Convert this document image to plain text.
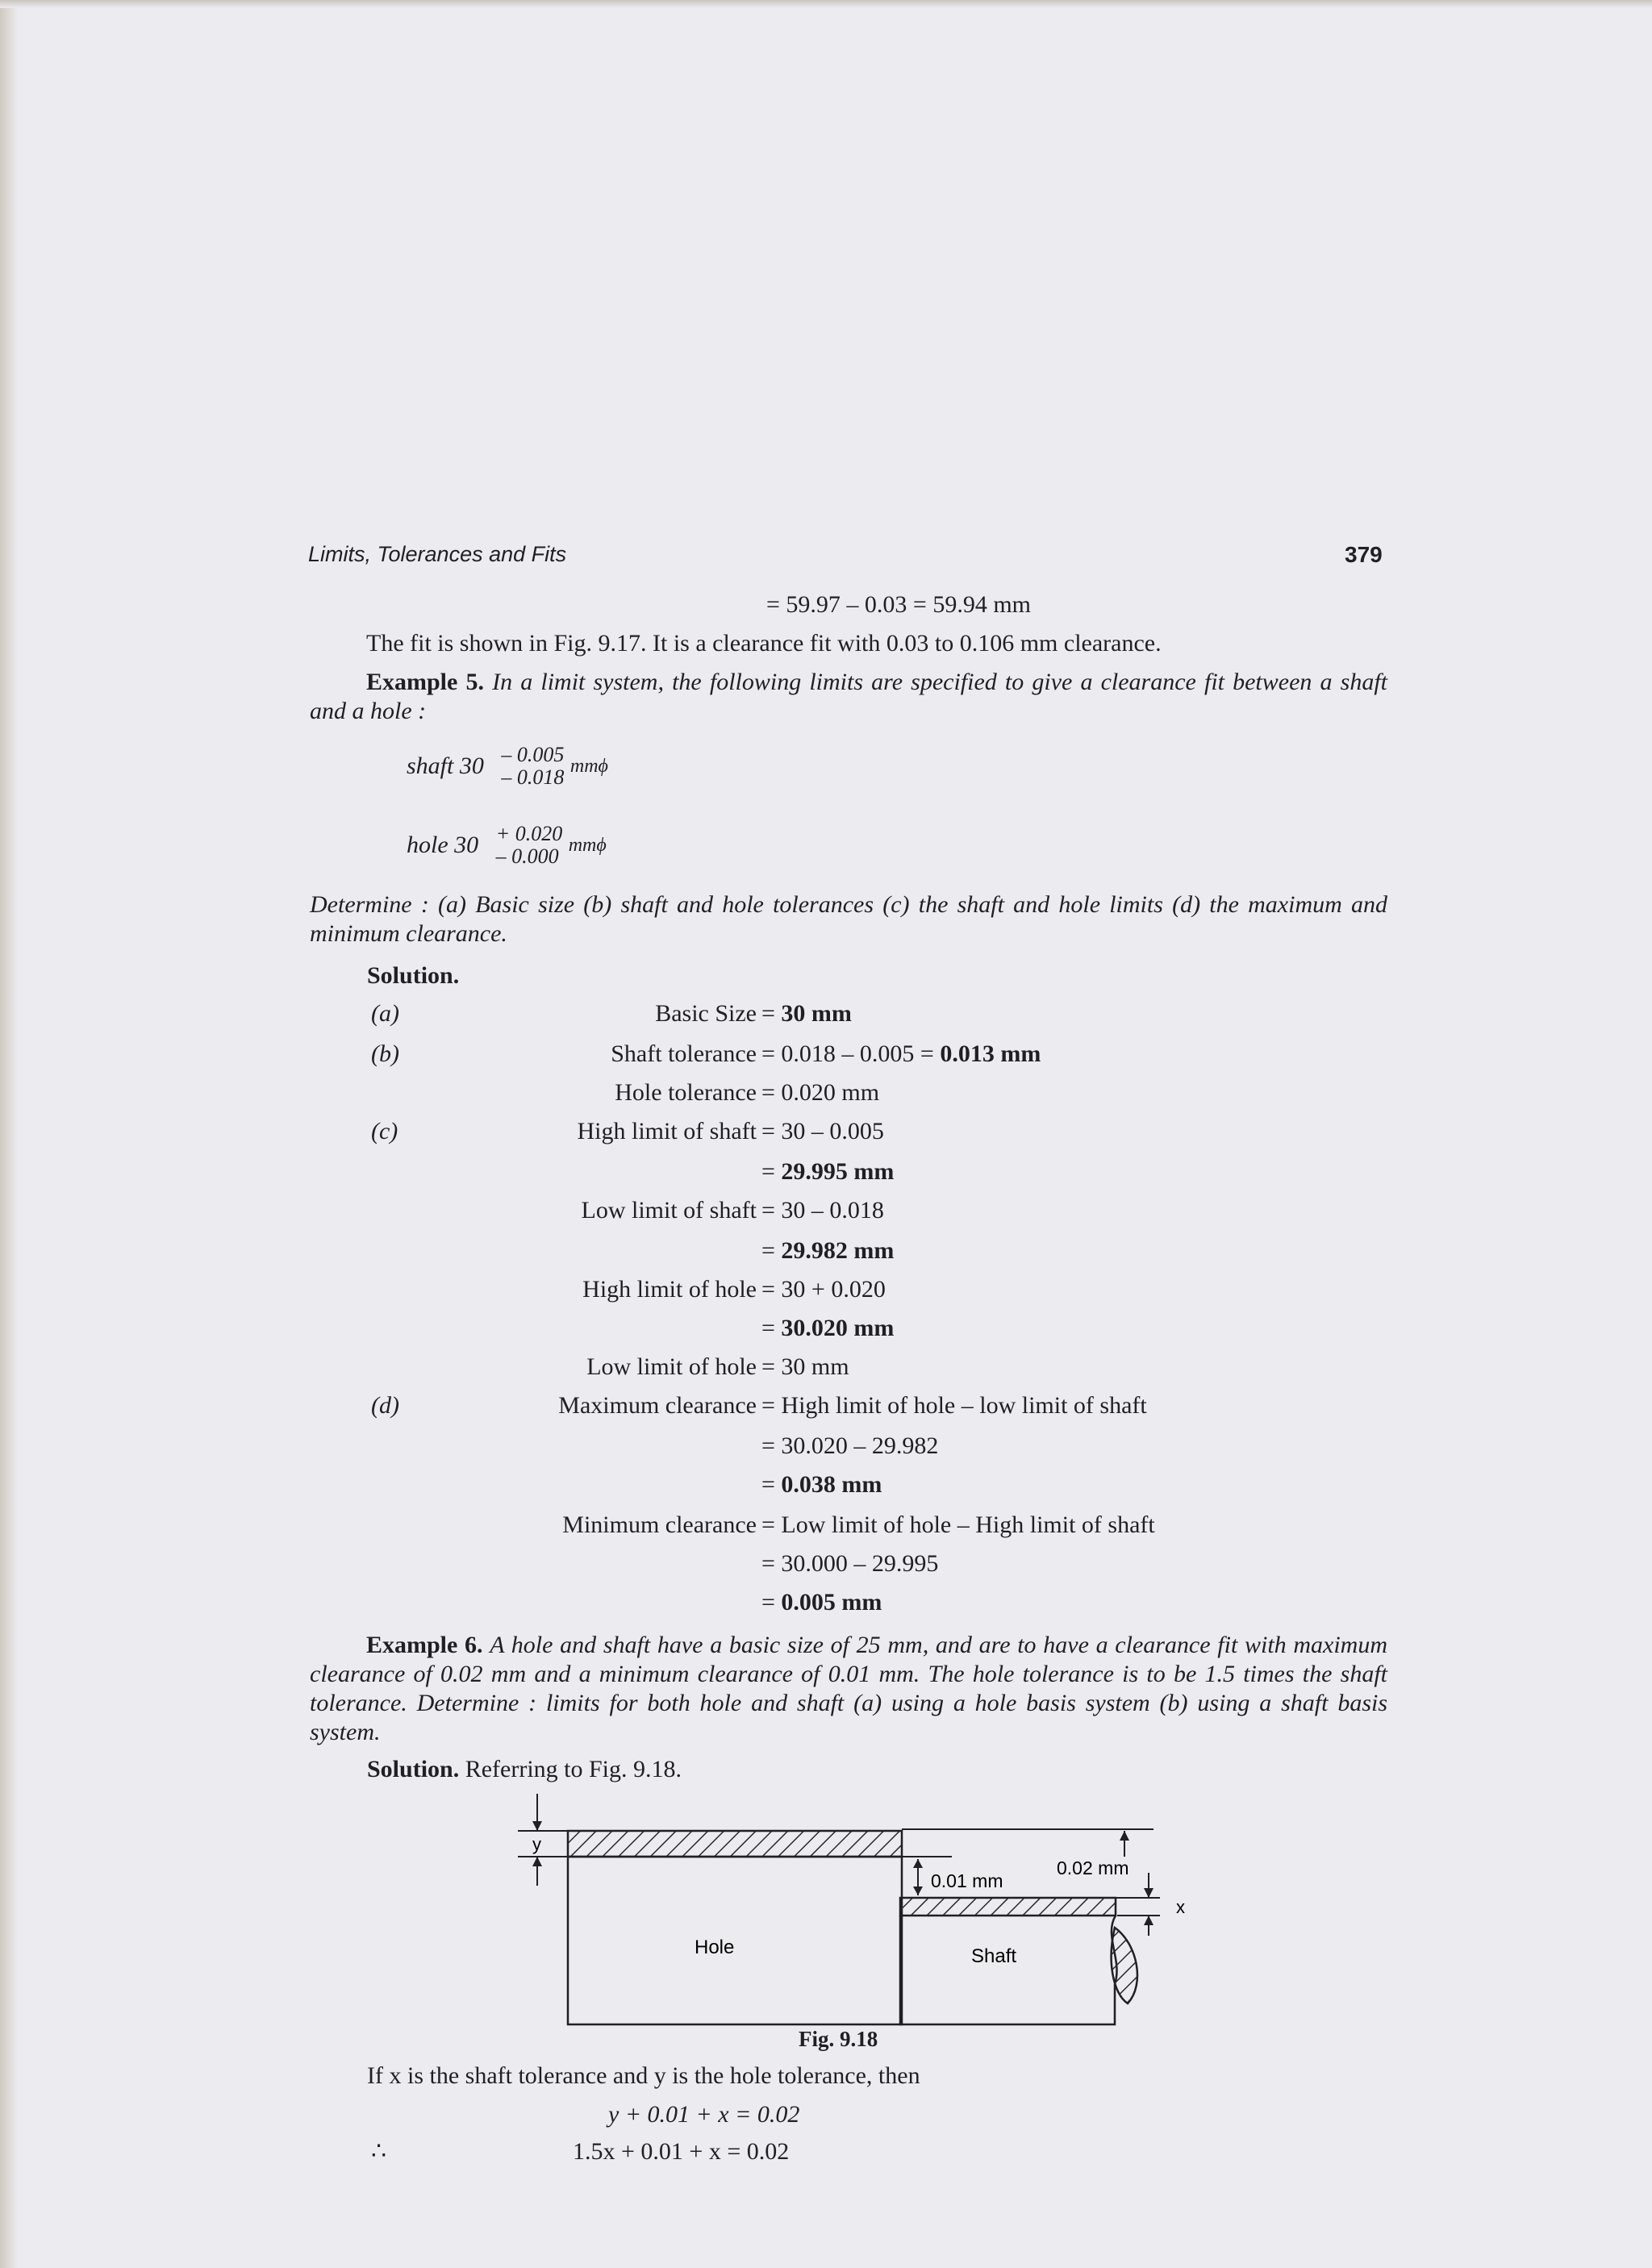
Limits, Tolerances and Fits	379
= 59.97 – 0.03 = 59.94 mm
The fit is shown in Fig. 9.17. It is a clearance fit with 0.03 to 0.106 mm clearance.
Example 5. In a limit system, the following limits are specified to give a clearance fit between a shaft and a hole :
shaft 30 – 0.005
– 0.018 mmϕ
hole 30 + 0.020
– 0.000 mmϕ
Determine : (a) Basic size (b) shaft and hole tolerances (c) the shaft and hole limits (d) the maximum and minimum clearance.
Solution.
(a)	Basic Size = 30 mm
(b)	Shaft tolerance = 0.018 – 0.005 = 0.013 mm
Hole tolerance = 0.020 mm
(c)	High limit of shaft = 30 – 0.005
= 29.995 mm
Low limit of shaft = 30 – 0.018
= 29.982 mm
High limit of hole = 30 + 0.020
= 30.020 mm
Low limit of hole = 30 mm
(d)	Maximum clearance = High limit of hole – low limit of shaft
= 30.020 – 29.982
= 0.038 mm
Minimum clearance = Low limit of hole – High limit of shaft
= 30.000 – 29.995
= 0.005 mm
Example 6. A hole and shaft have a basic size of 25 mm, and are to have a clearance fit with maximum clearance of 0.02 mm and a minimum clearance of 0.01 mm. The hole tolerance is to be 1.5 times the shaft tolerance. Determine : limits for both hole and shaft (a) using a hole basis system (b) using a shaft basis system.
Solution. Referring to Fig. 9.18.
y
Hole	Shaft
0.01 mm
0.02 mm
x
Fig. 9.18
If x is the shaft tolerance and y is the hole tolerance, then
y + 0.01 + x = 0.02
∴	1.5x + 0.01 + x = 0.02
